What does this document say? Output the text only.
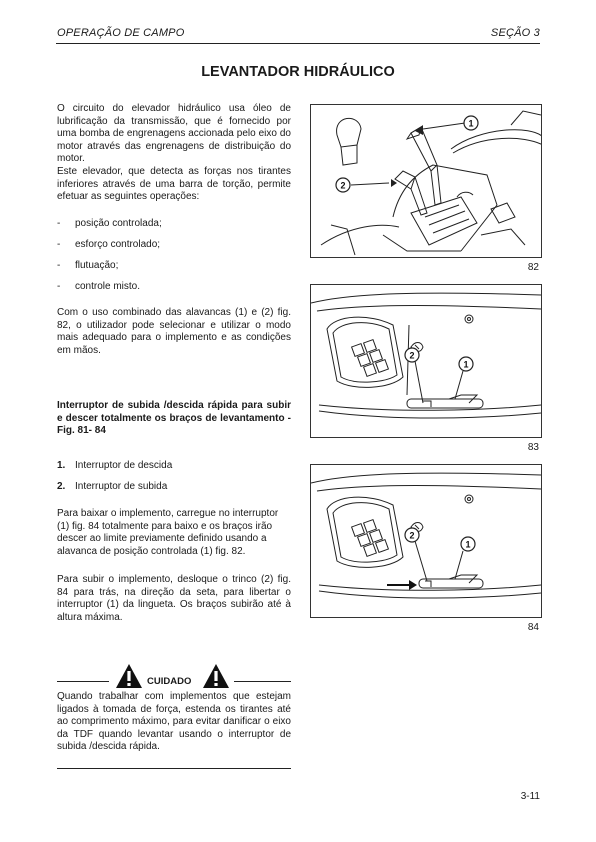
OPERAÇÃO DE CAMPO	SEÇÃO 3
LEVANTADOR HIDRÁULICO

O circuito do elevador hidráulico usa óleo de lubrificação da transmissão, que é fornecido por uma bomba de engrenagens accionada pelo eixo do motor através das engrenagens de distribuição do motor.

Este elevador, que detecta as forças nos tirantes inferiores através de uma barra de torção, permite efetuar as seguintes operações:

- posição controlada;
- esforço controlado;
- flutuação;
- controle misto.
Com o uso combinado das alavancas (1) e (2) fig. 82, o utilizador pode selecionar e utilizar o modo mais adequado para o implemento e as condições em mãos.
Interruptor de subida /descida rápida para subir e descer totalmente os braços de levantamento - Fig. 81- 84
1. Interruptor de descida
2. Interruptor de subida
Para baixar o implemento, carregue no interruptor (1) fig. 84 totalmente para baixo e os braços irão descer ao limite previamente definido usando a alavanca de posição controlada (1) fig. 82.
Para subir o implemento, desloque o trinco (2) fig. 84 para trás, na direção da seta, para libertar o interruptor (1) da lingueta. Os braços subirão até à altura máxima.
CUIDADO
Quando trabalhar com implementos que estejam ligados à tomada de força, estenda os tirantes até ao comprimento máximo, para evitar danificar o eixo da TDF quando levantar usando o interruptor de subida /descida rápida.
1
2
82
2
1
83
2
1
84
3-11
